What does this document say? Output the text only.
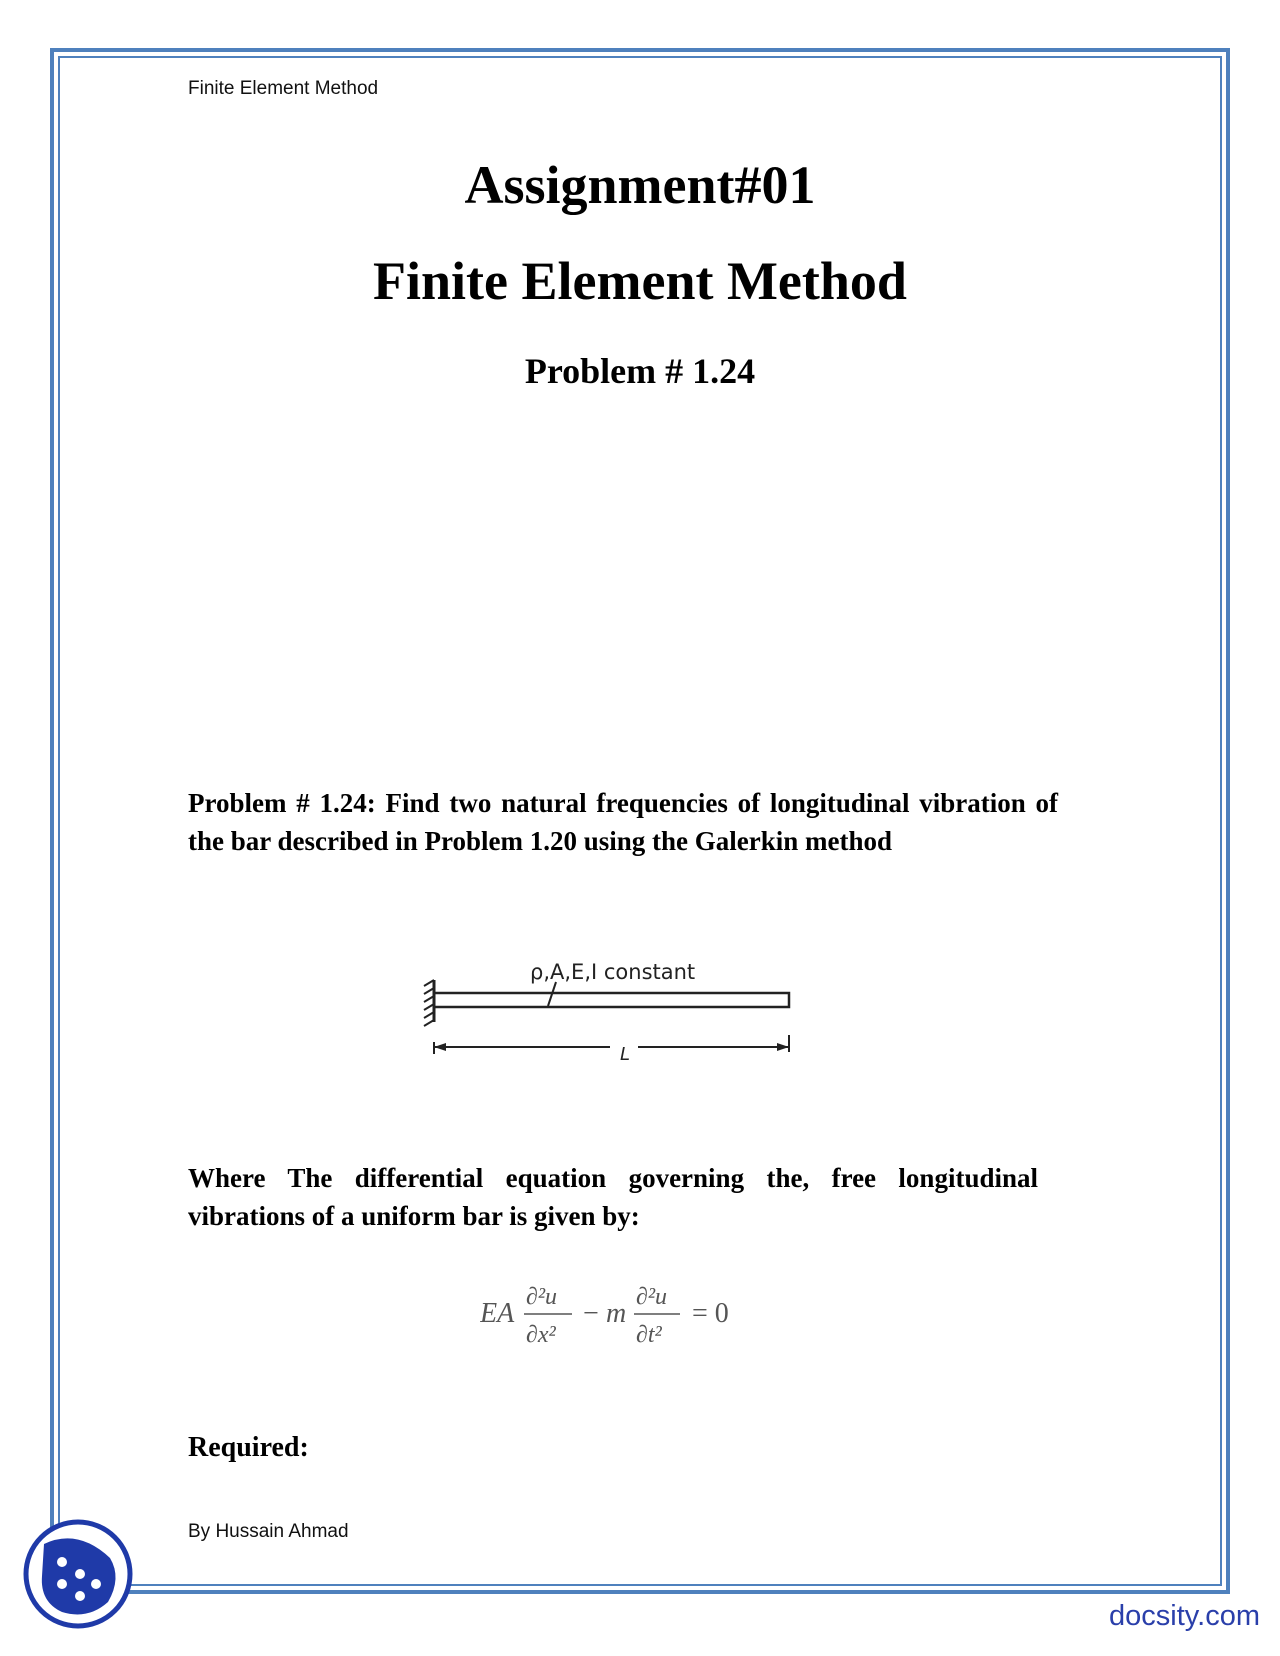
Finite Element Method
Assignment#01
Finite Element Method
Problem # 1.24
Problem # 1.24: Find two natural frequencies of longitudinal vibration of the bar described in Problem 1.20 using the Galerkin method
ρ,A,E,I constant
L
Where The differential equation governing the, free longitudinal vibrations of a uniform bar is given by:
EA
∂²u
∂x²
− m
∂²u
∂t²
= 0
Required:
By Hussain Ahmad
docsity.com
